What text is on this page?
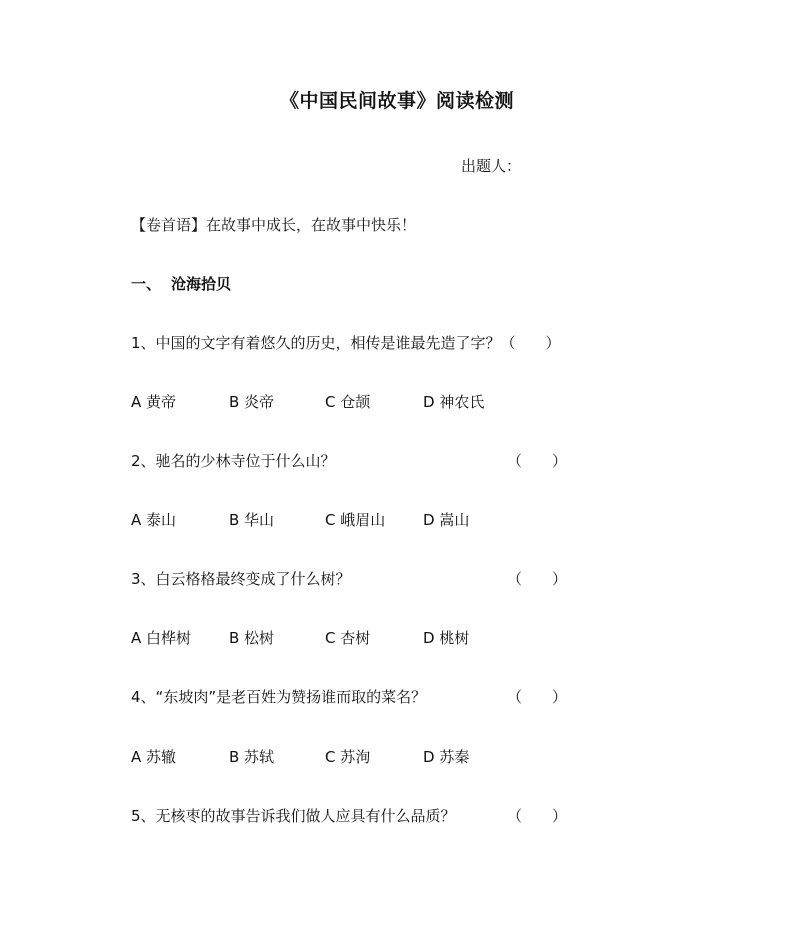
《中国民间故事》阅读检测
出题人：
【卷首语】在故事中成长，在故事中快乐！
一、 沧海拾贝
1、中国的文字有着悠久的历史，相传是谁最先造了字？（　　）
A 黄帝	B 炎帝	C 仓颉	D 神农氏
2、驰名的少林寺位于什么山？	（　　）
A 泰山	B 华山	C 峨眉山	D 嵩山
3、白云格格最终变成了什么树？	（　　）
A 白桦树	B 松树	C 杏树	D 桃树
4、“东坡肉”是老百姓为赞扬谁而取的菜名？	（　　）
A 苏辙	B 苏轼	C 苏洵	D 苏秦
5、无核枣的故事告诉我们做人应具有什么品质？	（　　）
